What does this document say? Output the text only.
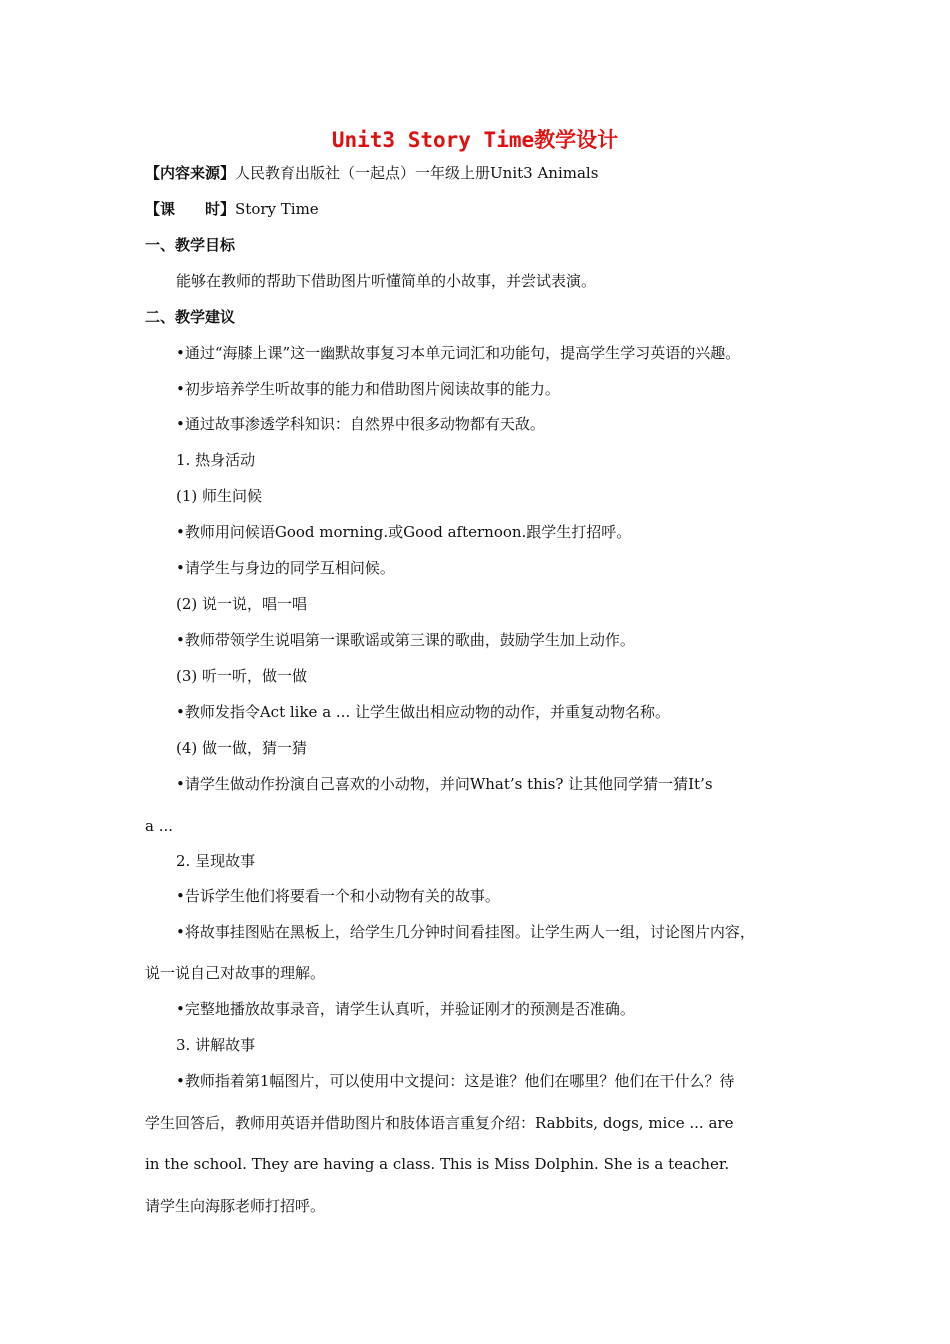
Unit3 Story Time教学设计
【内容来源】人民教育出版社（一起点）一年级上册Unit3 Animals
【课　　时】Story Time
一、教学目标
能够在教师的帮助下借助图片听懂简单的小故事，并尝试表演。
二、教学建议
•通过“海膝上课”这一幽默故事复习本单元词汇和功能句，提高学生学习英语的兴趣。
•初步培养学生听故事的能力和借助图片阅读故事的能力。
•通过故事渗透学科知识：自然界中很多动物都有天敌。
1. 热身活动
(1) 师生问候
•教师用问候语Good morning.或Good afternoon.跟学生打招呼。
•请学生与身边的同学互相问候。
(2) 说一说，唱一唱
•教师带领学生说唱第一课歌谣或第三课的歌曲，鼓励学生加上动作。
(3) 听一听，做一做
•教师发指令Act like a ... 让学生做出相应动物的动作，并重复动物名称。
(4) 做一做，猜一猜
•请学生做动作扮演自己喜欢的小动物，并问What’s this? 让其他同学猜一猜It’s
a ...
2. 呈现故事
•告诉学生他们将要看一个和小动物有关的故事。
•将故事挂图贴在黑板上，给学生几分钟时间看挂图。让学生两人一组，讨论图片内容，
说一说自己对故事的理解。
•完整地播放故事录音，请学生认真听，并验证刚才的预测是否准确。
3. 讲解故事
•教师指着第1幅图片，可以使用中文提问：这是谁？他们在哪里？他们在干什么？待
学生回答后，教师用英语并借助图片和肢体语言重复介绍：Rabbits, dogs, mice ... are
in the school. They are having a class. This is Miss Dolphin. She is a teacher.
请学生向海豚老师打招呼。
